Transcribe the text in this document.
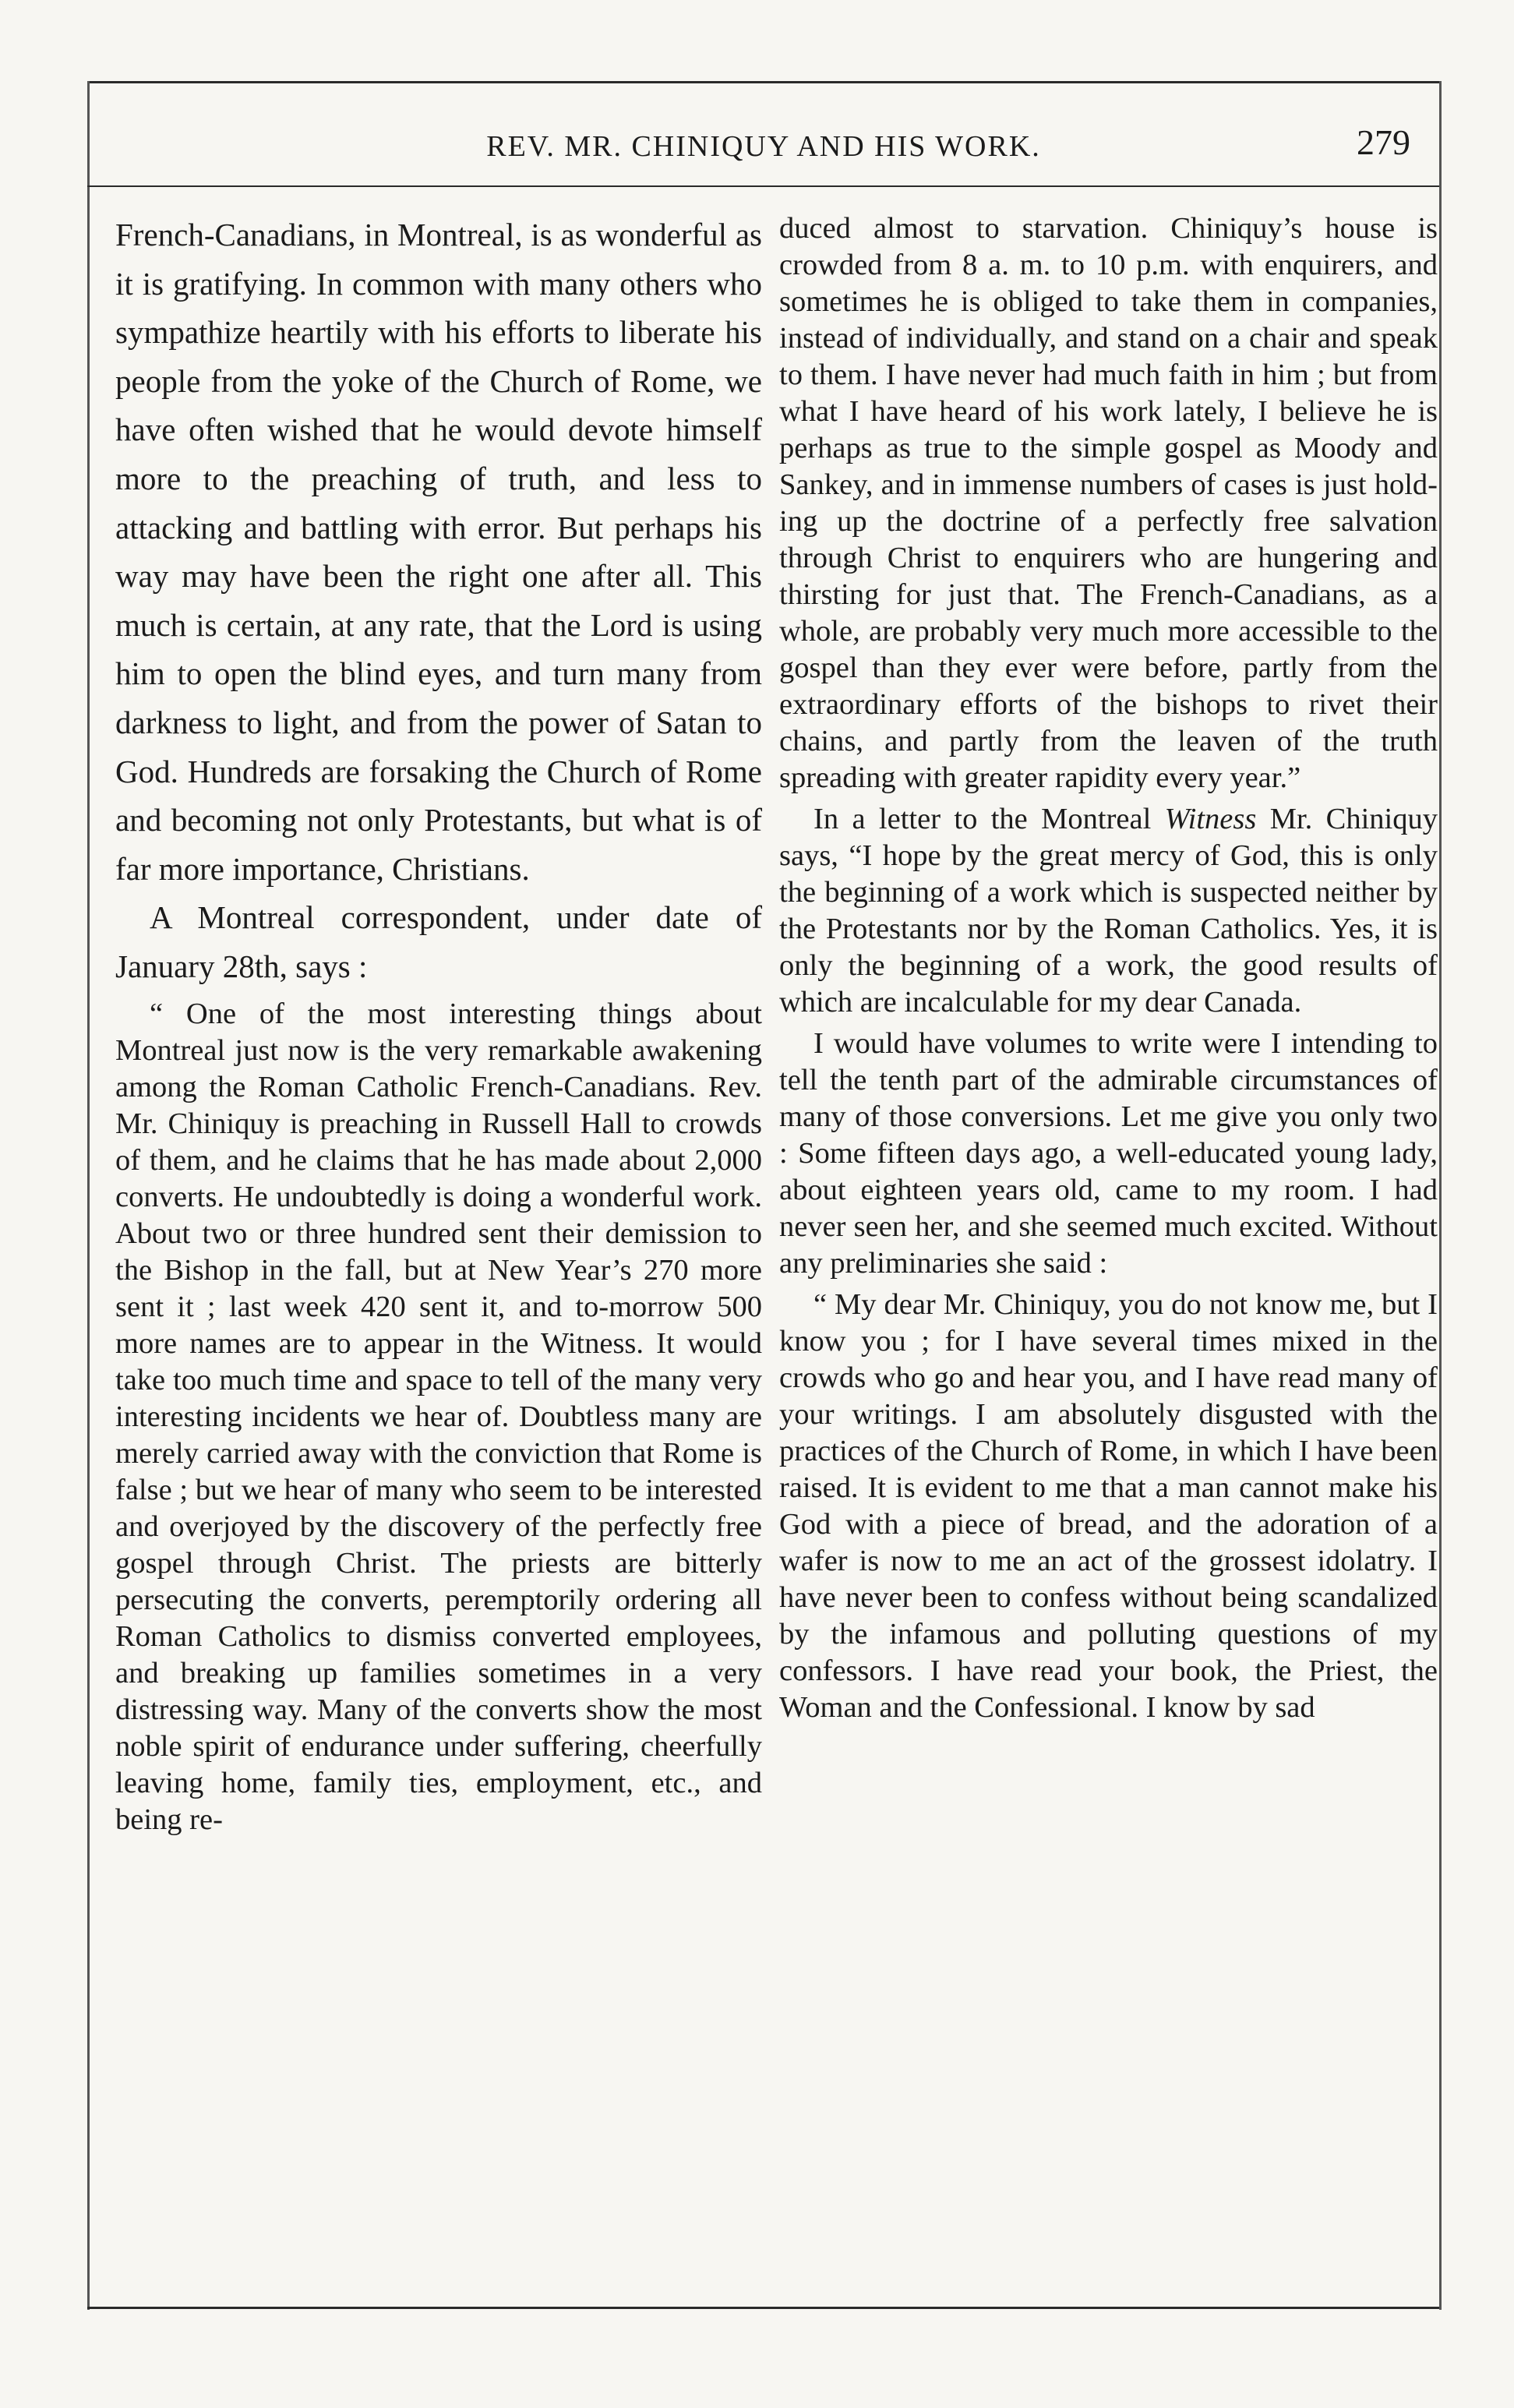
REV. MR. CHINIQUY AND HIS WORK.	279

French-Canadians, in Montreal, is as wonderful as it is gratifying. In common with many others who sympathize heartily with his efforts to liberate his people from the yoke of the Church of Rome, we have often wished that he would devote himself more to the preaching of truth, and less to attacking and battling with error. But perhaps his way may have been the right one after all. This much is certain, at any rate, that the Lord is using him to open the blind eyes, and turn many from darkness to light, and from the power of Satan to God. Hundreds are forsaking the Church of Rome and becoming not only Protestants, but what is of far more importance, Christians.

A Montreal correspondent, under date of January 28th, says :

“ One of the most interesting things about Montreal just now is the very remarkable awakening among the Roman Catholic French-Canadians. Rev. Mr. Chiniquy is preaching in Russell Hall to crowds of them, and he claims that he has made about 2,000 converts. He undoubtedly is doing a wonderful work. About two or three hundred sent their demission to the Bishop in the fall, but at New Year’s 270 more sent it ; last week 420 sent it, and to-morrow 500 more names are to appear in the Witness. It would take too much time and space to tell of the many very interesting incidents we hear of. Doubtless many are merely carried away with the conviction that Rome is false ; but we hear of many who seem to be interested and overjoyed by the discovery of the perfectly free gospel through Christ. The priests are bitterly persecuting the converts, peremptorily ordering all Roman Catholics to dismiss converted employees, and breaking up families sometimes in a very distressing way. Many of the converts show the most noble spirit of endurance under suffering, cheerfully leaving home, family ties, employment, etc., and being re-

duced almost to starvation. Chiniquy’s house is crowded from 8 a. m. to 10 p.m. with enquirers, and sometimes he is obliged to take them in companies, instead of individually, and stand on a chair and speak to them. I have never had much faith in him ; but from what I have heard of his work lately, I believe he is perhaps as true to the simple gospel as Moody and Sankey, and in immense numbers of cases is just holding up the doctrine of a perfectly free salvation through Christ to enquirers who are hungering and thirsting for just that. The French-Canadians, as a whole, are probably very much more accessible to the gospel than they ever were before, partly from the extraordinary efforts of the bishops to rivet their chains, and partly from the leaven of the truth spreading with greater rapidity every year.”

In a letter to the Montreal Witness Mr. Chiniquy says, “I hope by the great mercy of God, this is only the beginning of a work which is suspected neither by the Protestants nor by the Roman Catholics. Yes, it is only the beginning of a work, the good results of which are incalculable for my dear Canada.

I would have volumes to write were I intending to tell the tenth part of the admirable circumstances of many of those conversions. Let me give you only two : Some fifteen days ago, a well-educated young lady, about eighteen years old, came to my room. I had never seen her, and she seemed much excited. Without any preliminaries she said :

“ My dear Mr. Chiniquy, you do not know me, but I know you ; for I have several times mixed in the crowds who go and hear you, and I have read many of your writings. I am absolutely disgusted with the practices of the Church of Rome, in which I have been raised. It is evident to me that a man cannot make his God with a piece of bread, and the adoration of a wafer is now to me an act of the grossest idolatry. I have never been to confess without being scandalized by the infamous and polluting questions of my confessors. I have read your book, the Priest, the Woman and the Confessional. I know by sad
